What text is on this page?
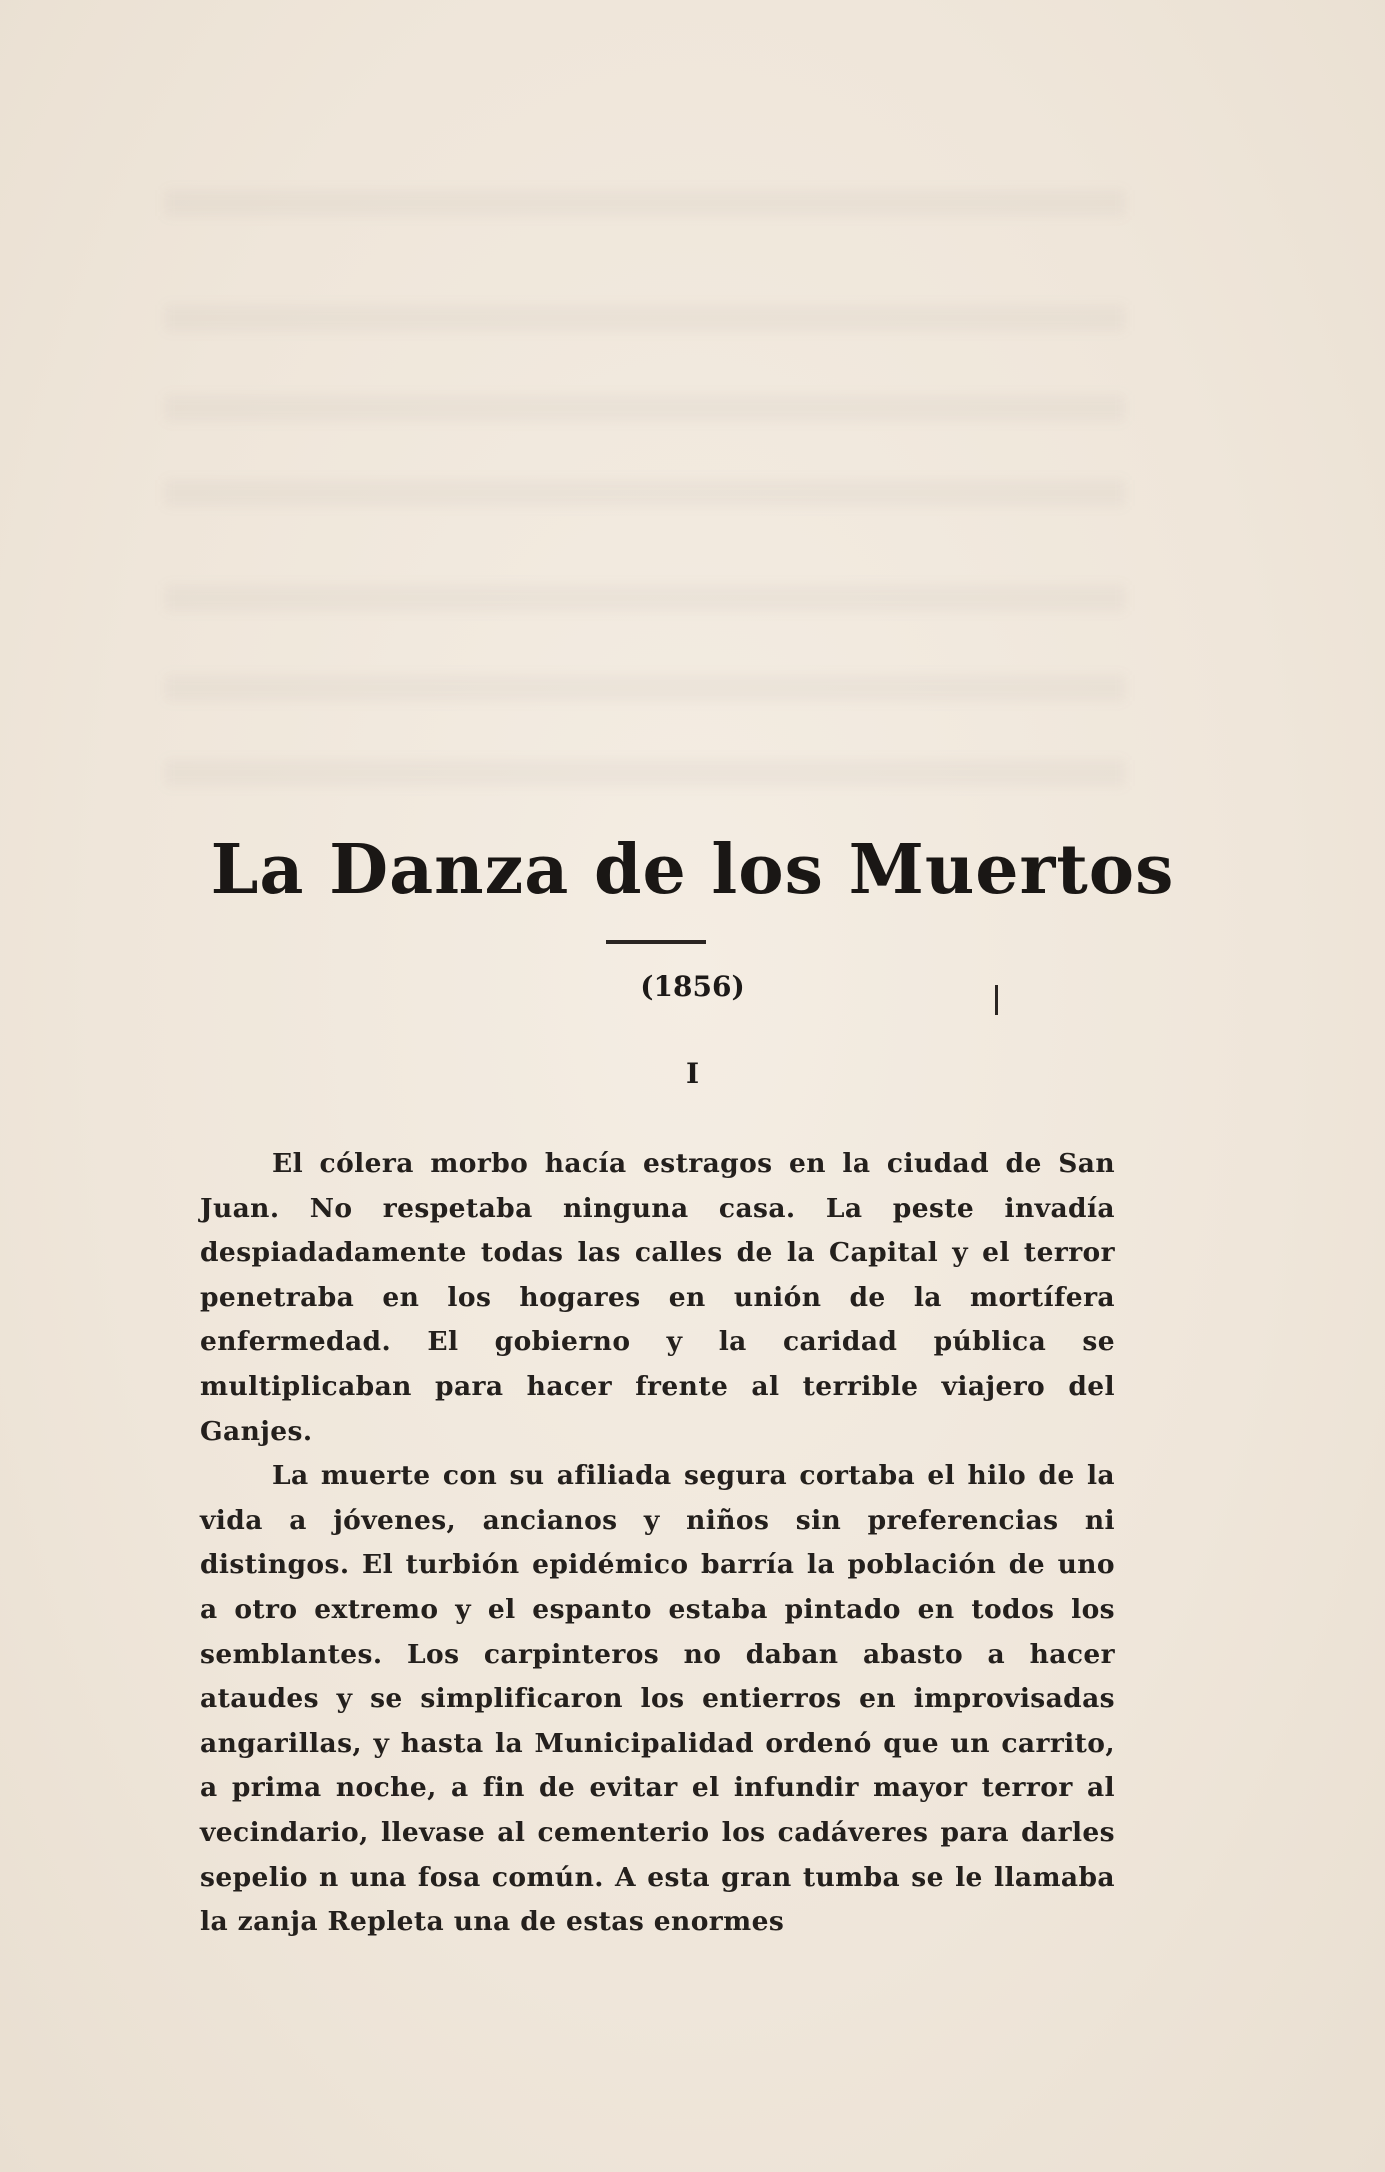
La Danza de los Muertos
(1856)
I

El cólera morbo hacía estragos en la ciudad de San Juan. No respetaba ninguna casa. La peste invadía despiadadamente todas las calles de la Capital y el terror penetraba en los hogares en unión de la mortífera enfermedad. El gobierno y la caridad pública se multiplicaban para hacer frente al terrible viajero del Ganjes.

La muerte con su afiliada segura cortaba el hilo de la vida a jóvenes, ancianos y niños sin preferencias ni distingos. El turbión epidémico barría la población de uno a otro extremo y el espanto estaba pintado en todos los semblantes. Los carpinteros no daban abasto a hacer ataudes y se simplificaron los entierros en improvisadas angarillas, y hasta la Municipalidad ordenó que un carrito, a prima noche, a fin de evitar el infundir mayor terror al vecindario, llevase al cementerio los cadáveres para darles sepelio n una fosa común. A esta gran tumba se le llamaba la zanja Repleta una de estas enormes
